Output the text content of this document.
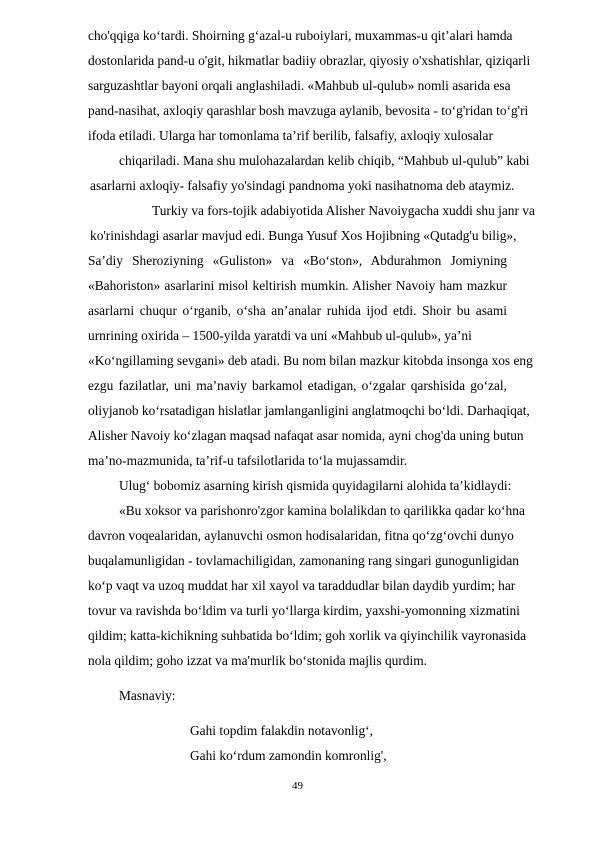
cho'qqiga ko‘tardi. Shoirning g‘azal-u ruboiylari, muxammas-u qit’alari hamda
dostonlarida pand-u o'git, hikmatlar badiiy obrazlar, qiyosiy o'xshatishlar, qiziqarli
sarguzashtlar bayoni orqali anglashiladi. «Mahbub ul-qulub» nomli asarida esa
pand-nasihat, axloqiy qarashlar bosh mavzuga aylanib, bevosita - to‘g'ridan to‘g'ri
ifoda etiladi. Ularga har tomonlama ta’rif berilib, falsafiy, axloqiy xulosalar
chiqariladi. Mana shu mulohazalardan kelib chiqib, “Mahbub ul-qulub” kabi
asarlarni axloqiy- falsafiy yo'sindagi pandnoma yoki nasihatnoma deb ataymiz.
Turkiy va fors-tojik adabiyotida Alisher Navoiygacha xuddi shu janr va
ko'rinishdagi asarlar mavjud edi. Bunga Yusuf Xos Hojibning «Qutadg'u bilig»,
Sa’diy Sheroziyning «Guliston» va «Bo‘ston», Abdurahmon Jomiyning
«Bahoriston» asarlarini misol keltirish mumkin. Alisher Navoiy ham mazkur
asarlarni chuqur o‘rganib, o‘sha an’analar ruhida ijod etdi. Shoir bu asami
urnrining oxirida – 1500-yilda yaratdi va uni «Mahbub ul-qulub», ya’ni
«Ko‘ngillaming sevgani» deb atadi. Bu nom bilan mazkur kitobda insonga xos eng
ezgu fazilatlar, uni ma’naviy barkamol etadigan, o‘zgalar qarshisida go‘zal,
oliyjanob ko‘rsatadigan hislatlar jamlanganligini anglatmoqchi bo‘ldi. Darhaqiqat,
Alisher Navoiy ko‘zlagan maqsad nafaqat asar nomida, ayni chog'da uning butun
ma’no-mazmunida, ta’rif-u tafsilotlarida to‘la mujassamdir.
Ulug‘ bobomiz asarning kirish qismida quyidagilarni alohida ta’kidlaydi:
«Bu xoksor va parishonro'zgor kamina bolalikdan to qarilikka qadar ko‘hna
davron voqealaridan, aylanuvchi osmon hodisalaridan, fitna qo‘zg‘ovchi dunyo
buqalamunligidan - tovlamachiligidan, zamonaning rang singari gunogunligidan
ko‘p vaqt va uzoq muddat har xil xayol va taraddudlar bilan daydib yurdim; har
tovur va ravishda bo‘ldim va turli yo‘llarga kirdim, yaxshi-yomonning xizmatini
qildim; katta-kichikning suhbatida bo‘ldim; goh xorlik va qiyinchilik vayronasida
nola qildim; goho izzat va ma'murlik bo‘stonida majlis qurdim.
Masnaviy:
Gahi topdim falakdin notavonlig‘,
Gahi ko‘rdum zamondin komronlig',
49
